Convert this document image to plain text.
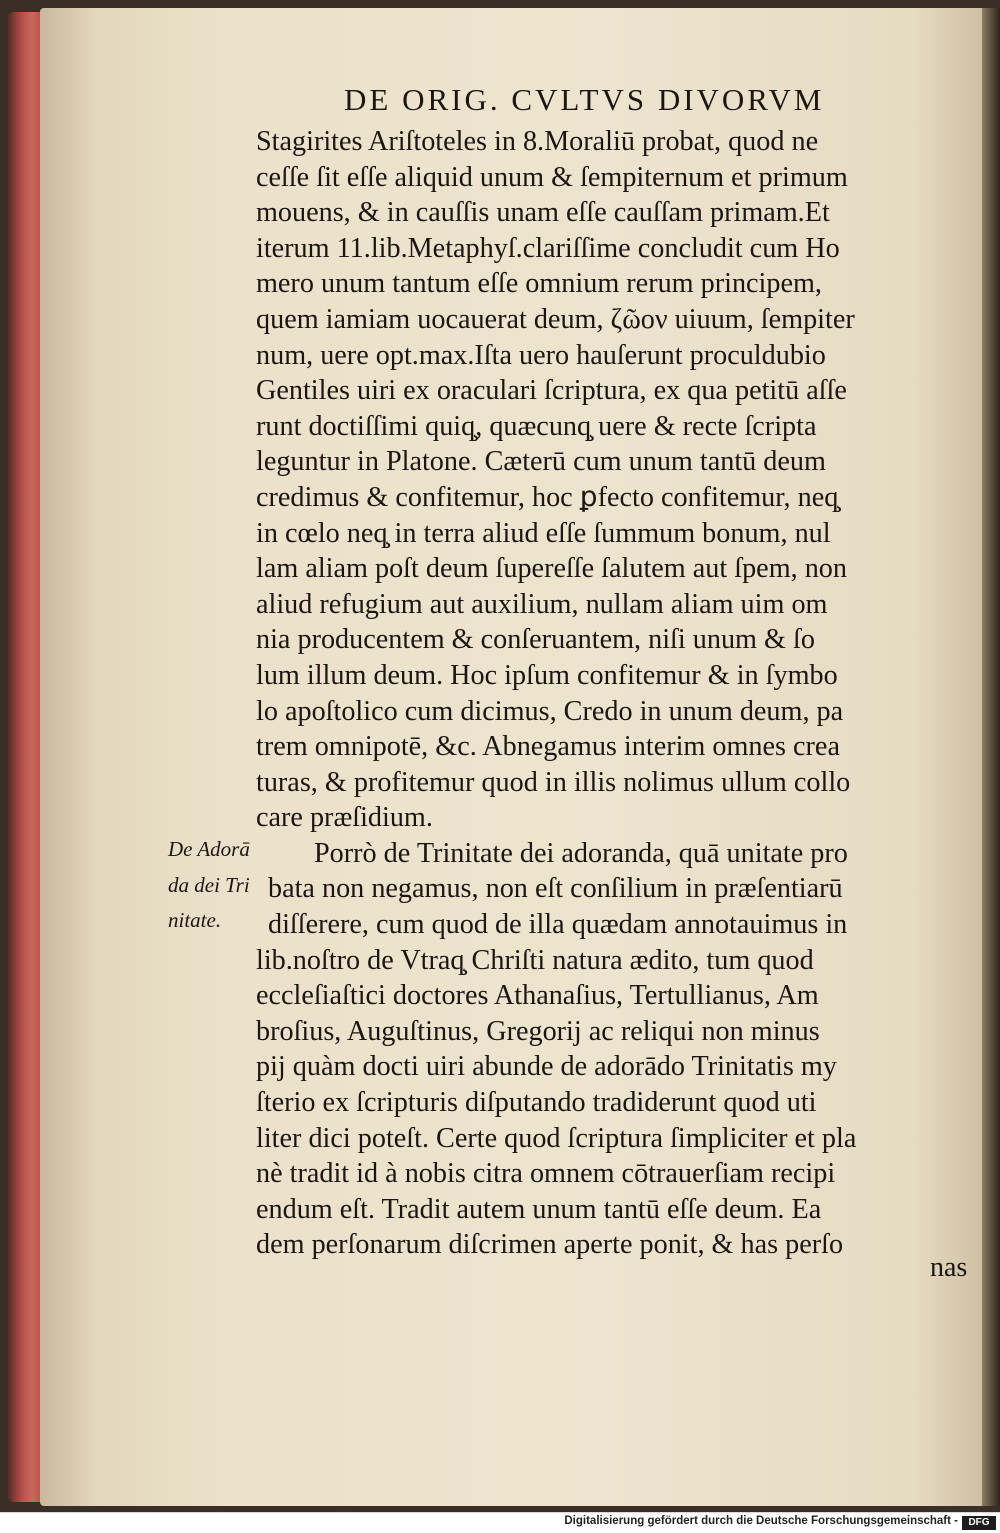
DE ORIG. CVLTVS DIVORVM
De Adorā
da dei Tri
nitate.
Stagirites Ariſtoteles in 8.Moraliū probat, quod ne
ceſſe ſit eſſe aliquid unum & ſempiternum et primum
mouens, & in cauſſis unam eſſe cauſſam primam.Et
iterum 11.lib.Metaphyſ.clariſſime concludit cum Ho
mero unum tantum eſſe omnium rerum principem,
quem iamiam uocauerat deum, ζῶον uiuum, ſempiter
num, uere opt.max.Iſta uero hauſerunt proculdubio
Gentiles uiri ex oraculari ſcriptura, ex qua petitū aſſe
runt doctiſſimi quiq̧, quæcunq̧ uere & recte ſcripta
leguntur in Platone. Cæterū cum unum tantū deum
credimus & confitemur, hoc ꝑfecto confitemur, neq̧
in cœlo neq̧ in terra aliud eſſe ſummum bonum, nul
lam aliam poſt deum ſupereſſe ſalutem aut ſpem, non
aliud refugium aut auxilium, nullam aliam uim om
nia producentem & conſeruantem, niſi unum & ſo
lum illum deum. Hoc ipſum confitemur & in ſymbo
lo apoſtolico cum dicimus, Credo in unum deum, pa
trem omnipotē, &c. Abnegamus interim omnes crea
turas, & profitemur quod in illis nolimus ullum collo
care præſidium.
Porrò de Trinitate dei adoranda, quā unitate pro
bata non negamus, non eſt conſilium in præſentiarū
diſſerere, cum quod de illa quædam annotauimus in
lib.noſtro de Vtraq̧ Chriſti natura ædito, tum quod
eccleſiaſtici doctores Athanaſius, Tertullianus, Am
broſius, Auguſtinus, Gregorij ac reliqui non minus
pij quàm docti uiri abunde de adorādo Trinitatis my
ſterio ex ſcripturis diſputando tradiderunt quod uti
liter dici poteſt. Certe quod ſcriptura ſimpliciter et pla
nè tradit id à nobis citra omnem cōtrauerſiam recipi
endum eſt. Tradit autem unum tantū eſſe deum. Ea
dem perſonarum diſcrimen aperte ponit, & has perſo
nas
Digitalisierung gefördert durch die Deutsche Forschungsgemeinschaft -	DFG
